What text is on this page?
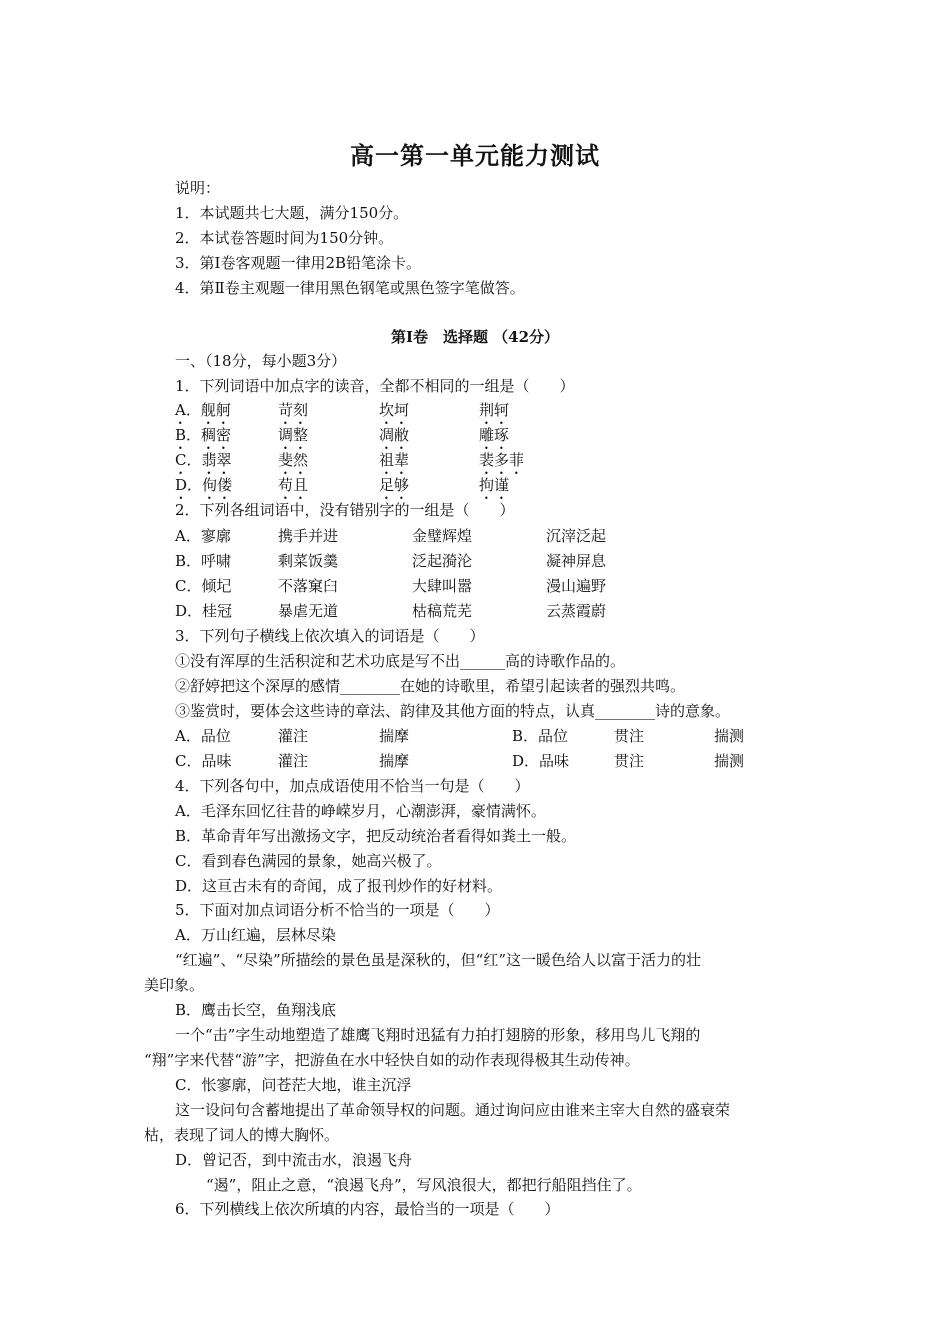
高一第一单元能力测试
说明：
1．本试题共七大题，满分150分。
2．本试卷答题时间为150分钟。
3．第Ⅰ卷客观题一律用2B铅笔涂卡。
4．第Ⅱ卷主观题一律用黑色钢笔或黑色签字笔做答。
第Ⅰ卷　选择题 （42分）
一、（18分，每小题3分）
1．下列词语中加点字的读音，全都不相同的一组是（　　）
A．舰舸	苛刻	坎坷	荆轲
B．稠密	调整	凋敝	雕琢
C．翡翠	斐然	祖辈	裴多菲
D．佝偻	苟且	足够	拘谨
2．下列各组词语中，没有错别字的一组是（　　）
A．寥廓	携手并进	金璧辉煌	沉滓泛起
B．呼啸	剩菜饭羹	泛起漪沦	凝神屏息
C．倾圮	不落窠臼	大肆叫嚣	漫山遍野
D．桂冠	暴虐无道	枯稿荒芜	云蒸霞蔚
3．下列句子横线上依次填入的词语是（　　）
①没有浑厚的生活积淀和艺术功底是写不出______高的诗歌作品的。
②舒婷把这个深厚的感情________在她的诗歌里，希望引起读者的强烈共鸣。
③鉴赏时，要体会这些诗的章法、韵律及其他方面的特点，认真________诗的意象。
A．品位	灌注	揣摩	B．品位	贯注	揣测
C．品味	灌注	揣摩	D．品味	贯注	揣测
4．下列各句中，加点成语使用不恰当一句是（　　）
A．毛泽东回忆往昔的峥嵘岁月，心潮澎湃，豪情满怀。
B．革命青年写出激扬文字，把反动统治者看得如粪土一般。
C．看到春色满园的景象，她高兴极了。
D．这亘古未有的奇闻，成了报刊炒作的好材料。
5．下面对加点词语分析不恰当的一项是（　　）
A．万山红遍，层林尽染
“红遍”、“尽染”所描绘的景色虽是深秋的，但“红”这一暖色给人以富于活力的壮
美印象。
B．鹰击长空，鱼翔浅底
一个“击”字生动地塑造了雄鹰飞翔时迅猛有力拍打翅膀的形象，移用鸟儿飞翔的
“翔”字来代替“游”字，把游鱼在水中轻快自如的动作表现得极其生动传神。
C．怅寥廓，问苍茫大地，谁主沉浮
这一设问句含蓄地提出了革命领导权的问题。通过询问应由谁来主宰大自然的盛衰荣
枯，表现了词人的博大胸怀。
D．曾记否，到中流击水，浪遏飞舟
“遏”，阻止之意，“浪遏飞舟”，写风浪很大，都把行船阻挡住了。
6．下列横线上依次所填的内容，最恰当的一项是（　　）
